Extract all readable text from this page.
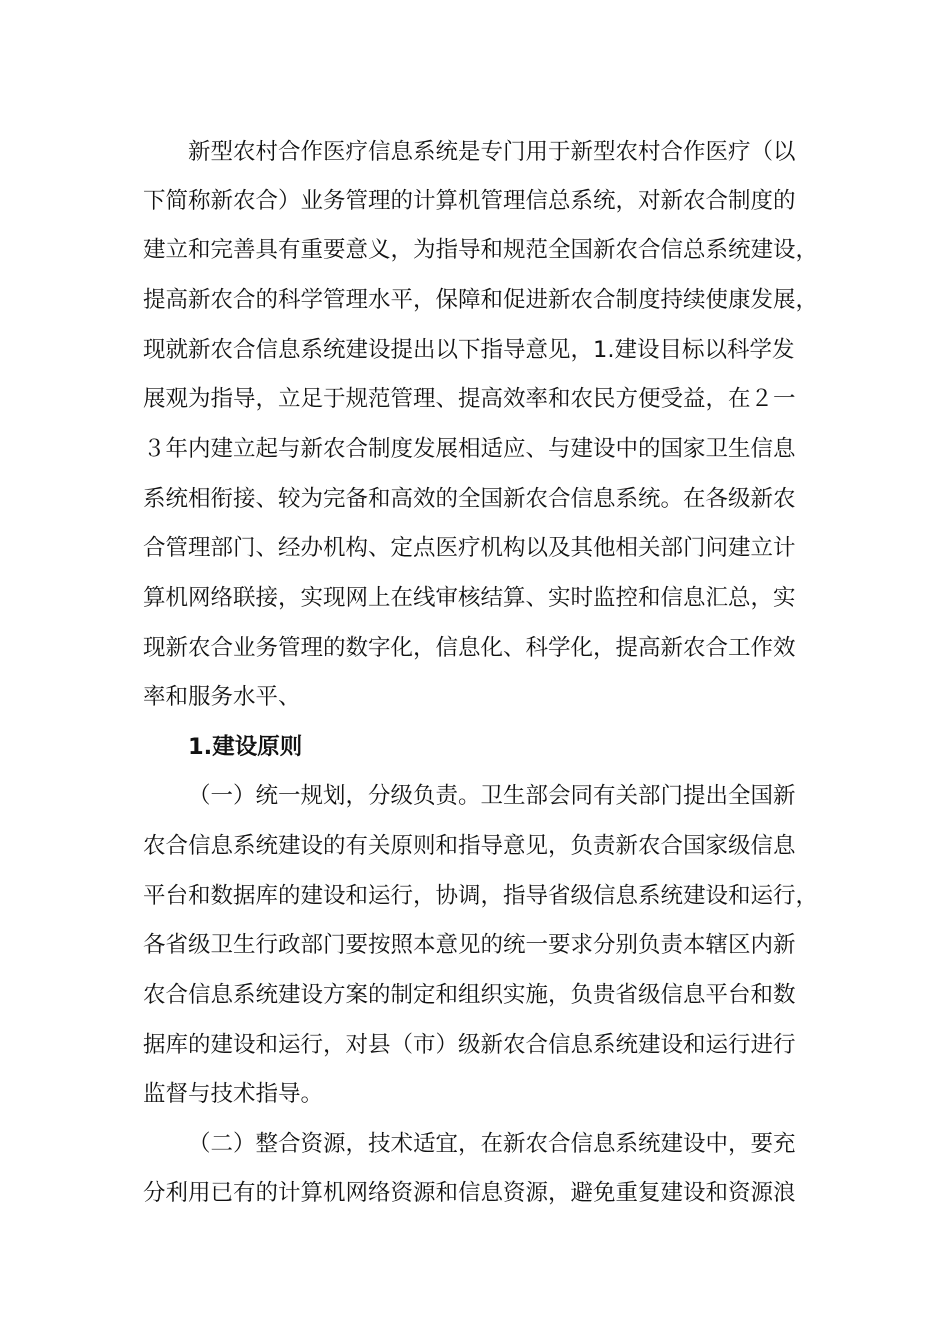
新型农村合作医疗信息系统是专门用于新型农村合作医疗（以
下简称新农合）业务管理的计算机管理信总系统，对新农合制度的
建立和完善具有重要意义，为指导和规范全国新农合信总系统建设，
提高新农合的科学管理水平，保障和促进新农合制度持续使康发展，
现就新农合信息系统建设提出以下指导意见，1.建设目标以科学发
展观为指导，立足于规范管理、提高效率和农民方便受益，在２一
３年内建立起与新农合制度发展相适应、与建设中的国家卫生信息
系统相衔接、较为完备和高效的全国新农合信息系统。在各级新农
合管理部门、经办机构、定点医疗机构以及其他相关部门问建立计
算机网络联接，实现网上在线审核结算、实时监控和信息汇总，实
现新农合业务管理的数字化，信息化、科学化，提高新农合工作效
率和服务水平、
1.建设原则
（一）统一规划，分级负责。卫生部会同有关部门提出全国新
农合信息系统建设的有关原则和指导意见，负责新农合国家级信息
平台和数据库的建设和运行，协调，指导省级信息系统建设和运行，
各省级卫生行政部门要按照本意见的统一要求分别负责本辖区内新
农合信息系统建设方案的制定和组织实施，负贵省级信息平台和数
据库的建设和运行，对县（市）级新农合信息系统建设和运行进行
监督与技术指导。
（二）整合资源，技术适宜，在新农合信息系统建设中，要充
分利用已有的计算机网络资源和信息资源，避免重复建设和资源浪
